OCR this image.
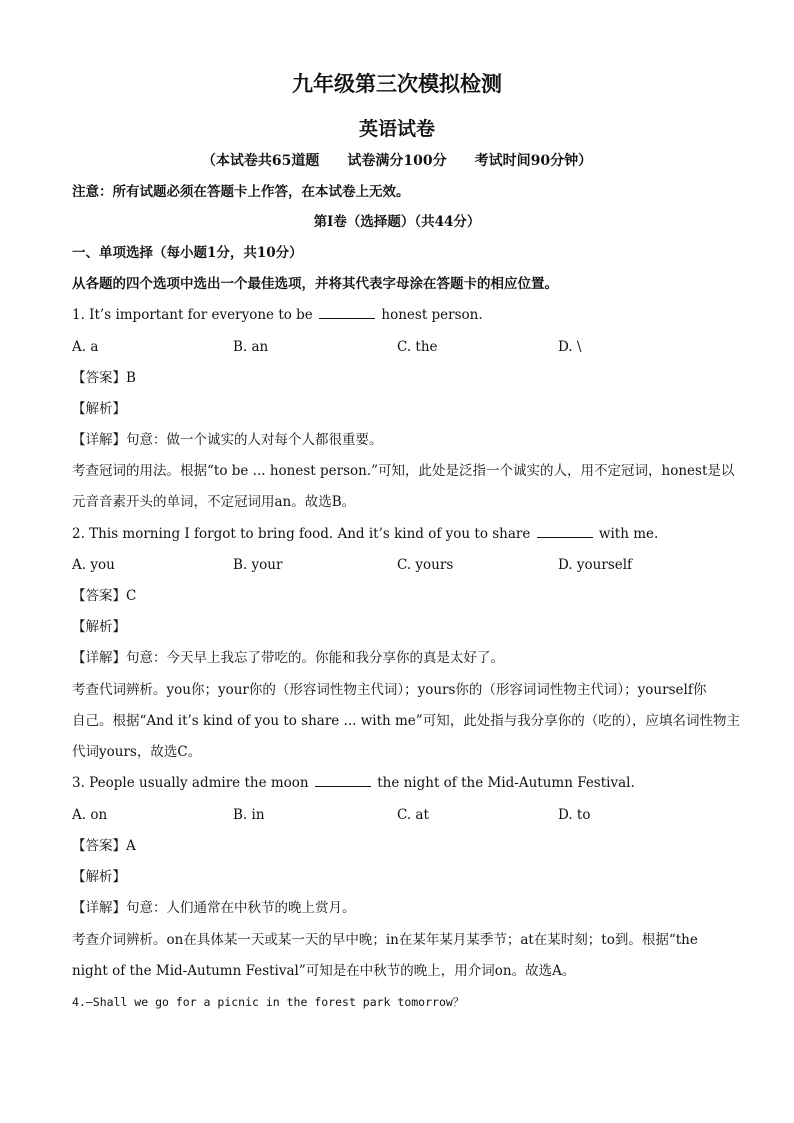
九年级第三次模拟检测
英语试卷
（本试卷共65道题　　试卷满分100分　　考试时间90分钟）
注意：所有试题必须在答题卡上作答，在本试卷上无效。
第Ⅰ卷（选择题）（共44分）
一、单项选择（每小题1分，共10分）
从各题的四个选项中选出一个最佳选项，并将其代表字母涂在答题卡的相应位置。
1. It’s important for everyone to be	honest person.
A. a	B. an	C. the	D. \
【答案】B
【解析】
【详解】句意：做一个诚实的人对每个人都很重要。
考查冠词的用法。根据“to be ... honest person.”可知，此处是泛指一个诚实的人，用不定冠词，honest是以
元音音素开头的单词，不定冠词用an。故选B。
2. This morning I forgot to bring food. And it’s kind of you to share	with me.
A. you	B. your	C. yours	D. yourself
【答案】C
【解析】
【详解】句意：今天早上我忘了带吃的。你能和我分享你的真是太好了。
考查代词辨析。you你；your你的（形容词性物主代词）；yours你的（形容词词性物主代词）；yourself你
自己。根据“And it’s kind of you to share ... with me”可知，此处指与我分享你的（吃的），应填名词性物主
代词yours，故选C。
3. People usually admire the moon	the night of the Mid-Autumn Festival.
A. on	B. in	C. at	D. to
【答案】A
【解析】
【详解】句意：人们通常在中秋节的晚上赏月。
考查介词辨析。on在具体某一天或某一天的早中晚；in在某年某月某季节；at在某时刻；to到。根据“the
night of the Mid-Autumn Festival”可知是在中秋节的晚上，用介词on。故选A。
4.–Shall we go for a picnic in the forest park tomorrow？
